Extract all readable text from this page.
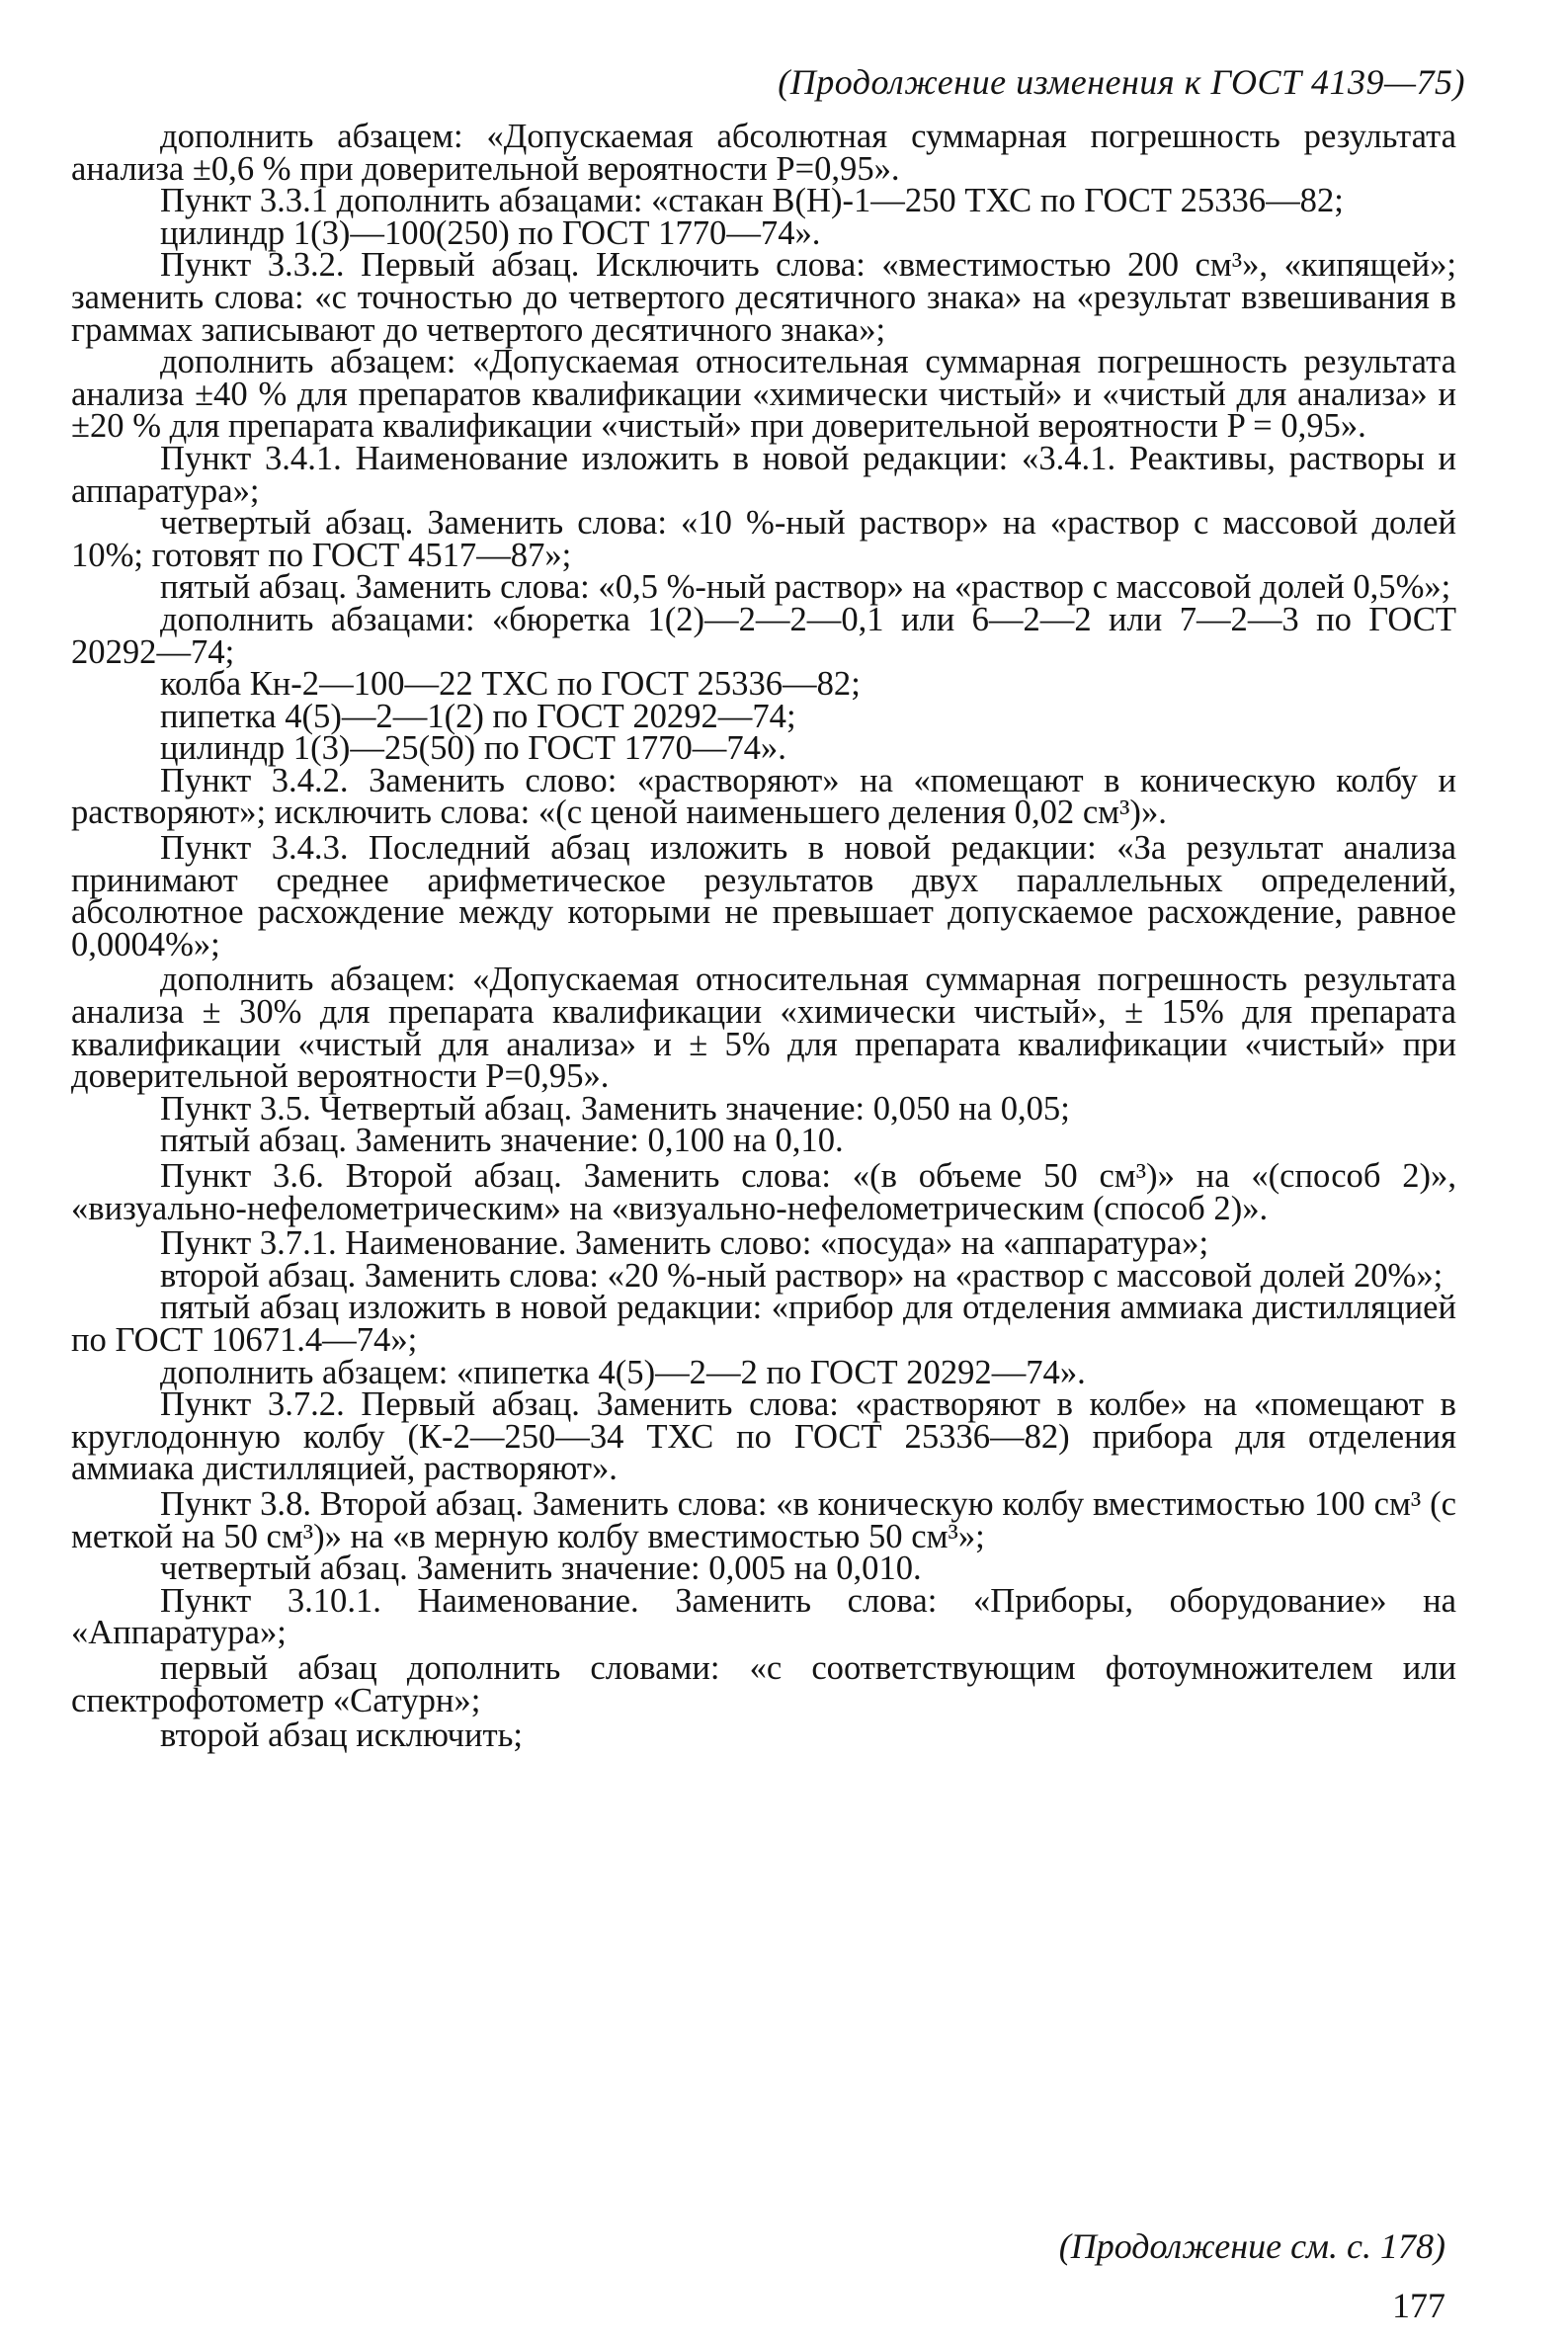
(Продолжение изменения к ГОСТ 4139—75)

дополнить абзацем: «Допускаемая абсолютная суммарная погрешность результата анализа ±0,6 % при доверительной вероятности P=0,95».

Пункт 3.3.1 дополнить абзацами: «стакан В(Н)-1—250 ТХС по ГОСТ 25336—82;

цилиндр 1(3)—100(250) по ГОСТ 1770—74».

Пункт 3.3.2. Первый абзац. Исключить слова: «вместимостью 200 см³», «кипящей»; заменить слова: «с точностью до четвертого десятичного знака» на «результат взвешивания в граммах записывают до четвертого десятичного знака»;

дополнить абзацем: «Допускаемая относительная суммарная погрешность результата анализа ±40 % для препаратов квалификации «химически чистый» и «чистый для анализа» и ±20 % для препарата квалификации «чистый» при доверительной вероятности P = 0,95».

Пункт 3.4.1. Наименование изложить в новой редакции: «3.4.1. Реактивы, растворы и аппаратура»;

четвертый абзац. Заменить слова: «10 %-ный раствор» на «раствор с массовой долей 10%; готовят по ГОСТ 4517—87»;

пятый абзац. Заменить слова: «0,5 %-ный раствор» на «раствор с массовой долей 0,5%»;

дополнить абзацами: «бюретка 1(2)—2—2—0,1 или 6—2—2 или 7—2—3 по ГОСТ 20292—74;

колба Кн-2—100—22 ТХС по ГОСТ 25336—82;

пипетка 4(5)—2—1(2) по ГОСТ 20292—74;

цилиндр 1(3)—25(50) по ГОСТ 1770—74».

Пункт 3.4.2. Заменить слово: «растворяют» на «помещают в коническую колбу и растворяют»; исключить слова: «(с ценой наименьшего деления 0,02 см³)».

Пункт 3.4.3. Последний абзац изложить в новой редакции: «За результат анализа принимают среднее арифметическое результатов двух параллельных определений, абсолютное расхождение между которыми не превышает допускаемое расхождение, равное 0,0004%»;

дополнить абзацем: «Допускаемая относительная суммарная погрешность результата анализа ± 30% для препарата квалификации «химически чистый», ± 15% для препарата квалификации «чистый для анализа» и ± 5% для препарата квалификации «чистый» при доверительной вероятности P=0,95».

Пункт 3.5. Четвертый абзац. Заменить значение: 0,050 на 0,05;

пятый абзац. Заменить значение: 0,100 на 0,10.

Пункт 3.6. Второй абзац. Заменить слова: «(в объеме 50 см³)» на «(способ 2)», «визуально-нефелометрическим» на «визуально-нефелометрическим (способ 2)».

Пункт 3.7.1. Наименование. Заменить слово: «посуда» на «аппаратура»;

второй абзац. Заменить слова: «20 %-ный раствор» на «раствор с массовой долей 20%»;

пятый абзац изложить в новой редакции: «прибор для отделения аммиака дистилляцией по ГОСТ 10671.4—74»;

дополнить абзацем: «пипетка 4(5)—2—2 по ГОСТ 20292—74».

Пункт 3.7.2. Первый абзац. Заменить слова: «растворяют в колбе» на «помещают в круглодонную колбу (К-2—250—34 ТХС по ГОСТ 25336—82) прибора для отделения аммиака дистилляцией, растворяют».

Пункт 3.8. Второй абзац. Заменить слова: «в коническую колбу вместимостью 100 см³ (с меткой на 50 см³)» на «в мерную колбу вместимостью 50 см³»;

четвертый абзац. Заменить значение: 0,005 на 0,010.

Пункт 3.10.1. Наименование. Заменить слова: «Приборы, оборудование» на «Аппаратура»;

первый абзац дополнить словами: «с соответствующим фотоумножителем или спектрофотометр «Сатурн»;

второй абзац исключить;

(Продолжение см. с. 178)
177
